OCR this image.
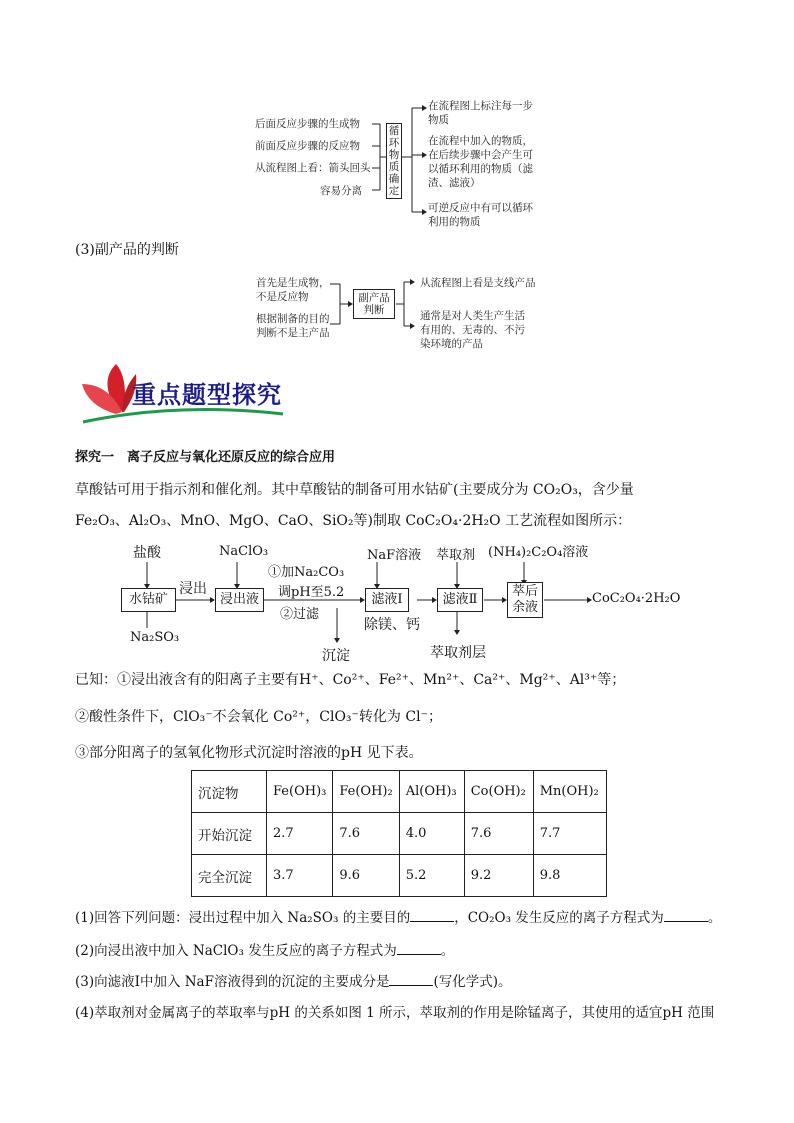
后面反应步骤的生成物
前面反应步骤的反应物
从流程图上看：箭头回头
容易分离
循环物质确定
在流程图上标注每一步
物质
在流程中加入的物质，
在后续步骤中会产生可
以循环利用的物质（滤
渣、滤液）
可逆反应中有可以循环
利用的物质
(3)副产品的判断
首先是生成物，
不是反应物
根据制备的目的
判断不是主产品
副产品
判断
从流程图上看是支线产品
通常是对人类生产生活
有用的、无毒的、不污
染环境的产品
重点题型探究
探究一　离子反应与氧化还原反应的综合应用
草酸钴可用于指示剂和催化剂。其中草酸钴的制备可用水钴矿(主要成分为 CO₂O₃，含少量
Fe₂O₃、Al₂O₃、MnO、MgO、CaO、SiO₂等)制取 CoC₂O₄·2H₂O 工艺流程如图所示：
盐酸	NaClO₃
①加Na₂CO₃
调pH至5.2
②过滤
NaF溶液 萃取剂 (NH₄)₂C₂O₄溶液
水钴矿
浸出
浸出液	滤液Ⅰ	滤液Ⅱ
萃后
余液
CoC₂O₄·2H₂O
Na₂SO₃
除镁、钙
沉淀	萃取剂层
已知：①浸出液含有的阳离子主要有H⁺、Co²⁺、Fe²⁺、Mn²⁺、Ca²⁺、Mg²⁺、Al³⁺等；
②酸性条件下，ClO₃⁻不会氧化 Co²⁺，ClO₃⁻转化为 Cl⁻；
③部分阳离子的氢氧化物形式沉淀时溶液的pH 见下表。
沉淀物	Fe(OH)₃	Fe(OH)₂	Al(OH)₃	Co(OH)₂	Mn(OH)₂
开始沉淀	2.7	7.6	4.0	7.6	7.7
完全沉淀	3.7	9.6	5.2	9.2	9.8
(1)回答下列问题：浸出过程中加入 Na₂SO₃ 的主要目的	，CO₂O₃ 发生反应的离子方程式为	。
(2)向浸出液中加入 NaClO₃ 发生反应的离子方程式为	。
(3)向滤液Ⅰ中加入 NaF溶液得到的沉淀的主要成分是	(写化学式)。
(4)萃取剂对金属离子的萃取率与pH 的关系如图 1 所示，萃取剂的作用是除锰离子，其使用的适宜pH 范围
